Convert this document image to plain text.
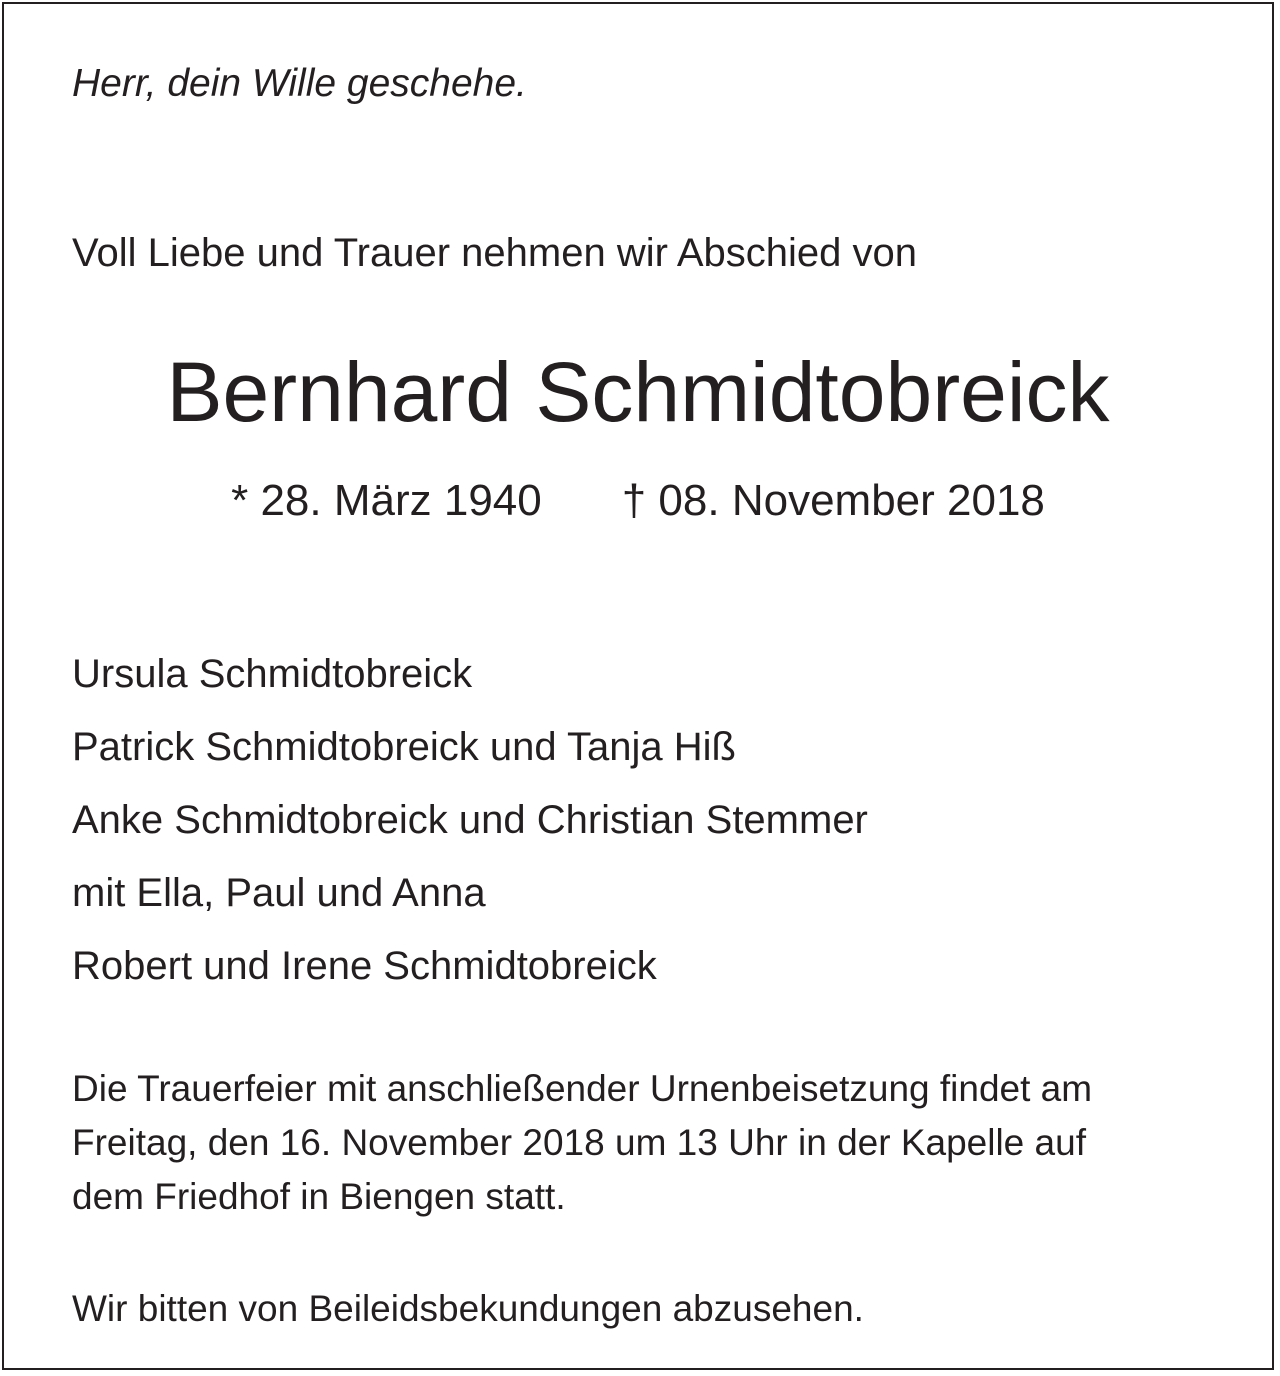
Herr, dein Wille geschehe.

Voll Liebe und Trauer nehmen wir Abschied von

Bernhard Schmidtobreick
* 28. März 1940 † 08. November 2018
Ursula Schmidtobreick
Patrick Schmidtobreick und Tanja Hiß
Anke Schmidtobreick und Christian Stemmer
mit Ella, Paul und Anna
Robert und Irene Schmidtobreick

Die Trauerfeier mit anschließender Urnenbeisetzung findet am
Freitag, den 16. November 2018 um 13 Uhr in der Kapelle auf
dem Friedhof in Biengen statt.

Wir bitten von Beileidsbekundungen abzusehen.
